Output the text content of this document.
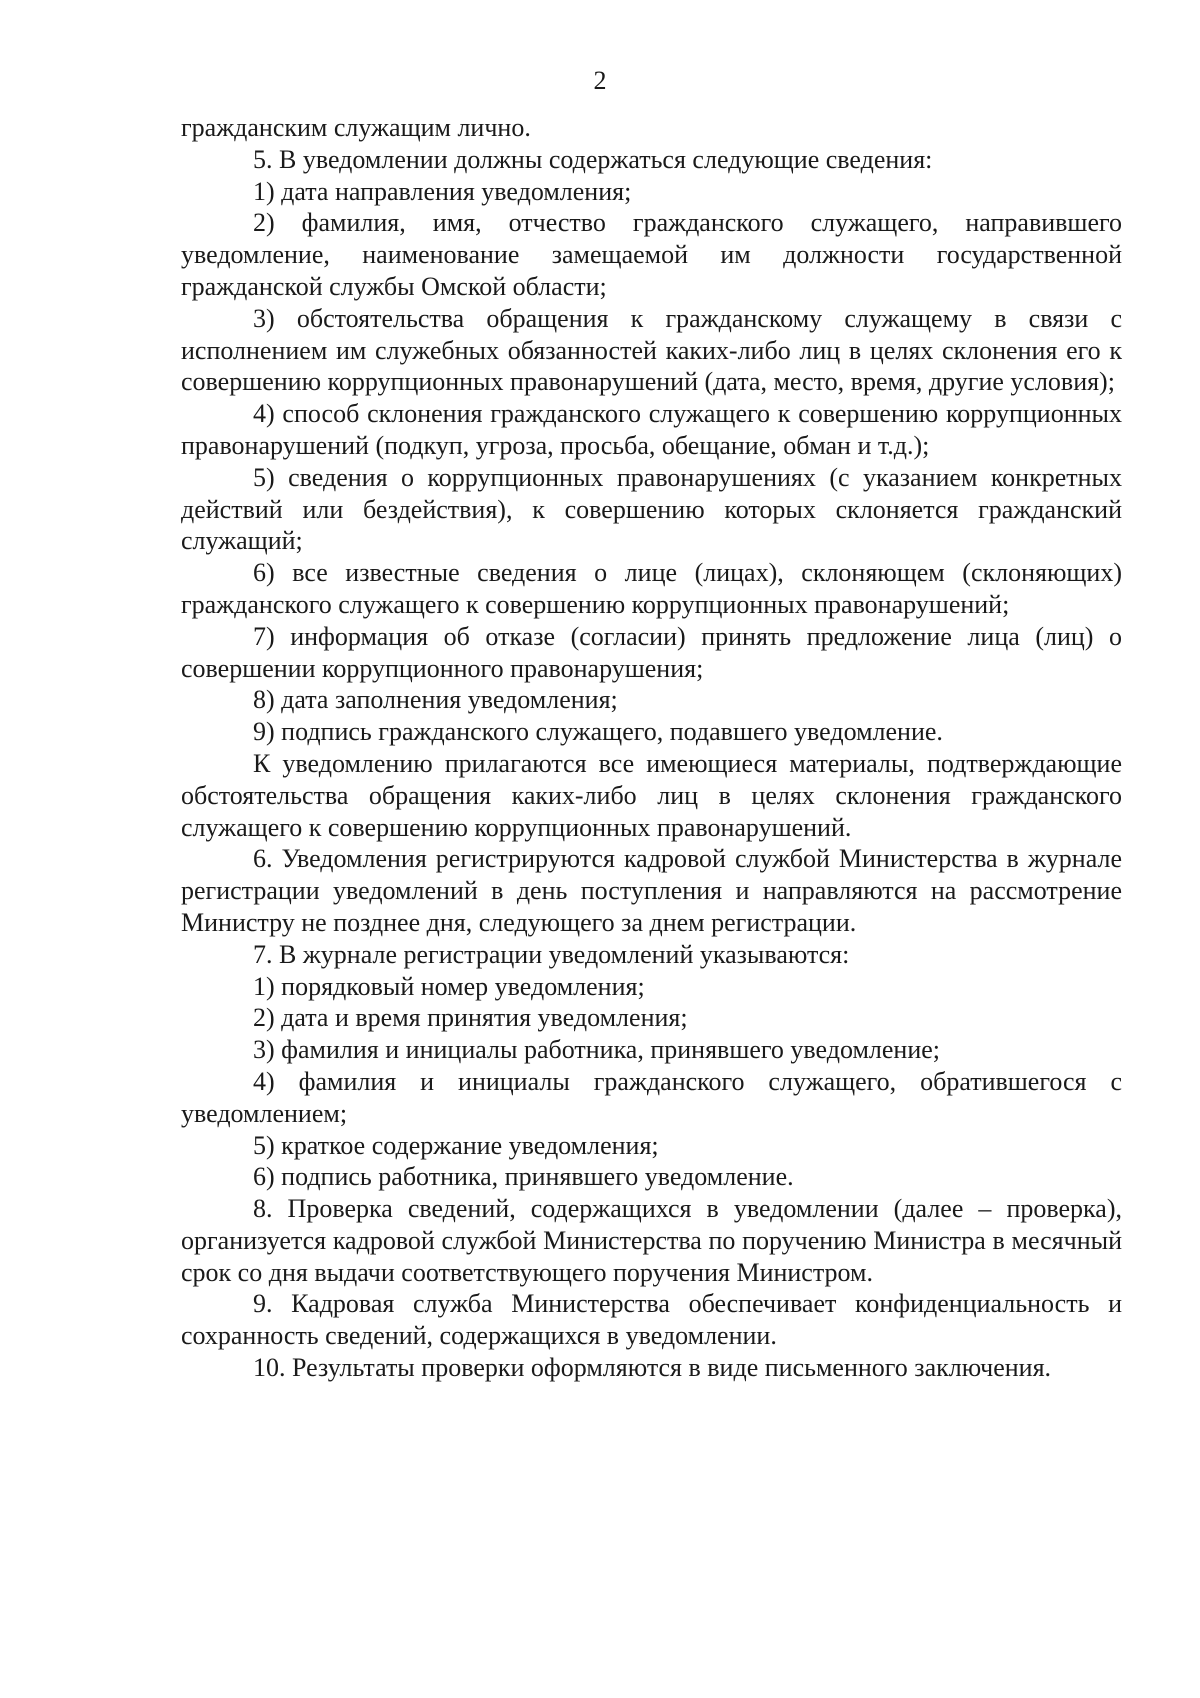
2

гражданским служащим лично.

5. В уведомлении должны содержаться следующие сведения:

1) дата направления уведомления;

2) фамилия, имя, отчество гражданского служащего, направившего уведомление, наименование замещаемой им должности государственной гражданской службы Омской области;

3) обстоятельства обращения к гражданскому служащему в связи с исполнением им служебных обязанностей каких-либо лиц в целях склонения его к совершению коррупционных правонарушений (дата, место, время, другие условия);

4) способ склонения гражданского служащего к совершению коррупционных правонарушений (подкуп, угроза, просьба, обещание, обман и т.д.);

5) сведения о коррупционных правонарушениях (с указанием конкретных действий или бездействия), к совершению которых склоняется гражданский служащий;

6) все известные сведения о лице (лицах), склоняющем (склоняющих) гражданского служащего к совершению коррупционных правонарушений;

7) информация об отказе (согласии) принять предложение лица (лиц) о совершении коррупционного правонарушения;

8) дата заполнения уведомления;

9) подпись гражданского служащего, подавшего уведомление.

К уведомлению прилагаются все имеющиеся материалы, подтверждающие обстоятельства обращения каких-либо лиц в целях склонения гражданского служащего к совершению коррупционных правонарушений.

6. Уведомления регистрируются кадровой службой Министерства в журнале регистрации уведомлений в день поступления и направляются на рассмотрение Министру не позднее дня, следующего за днем регистрации.

7. В журнале регистрации уведомлений указываются:

1) порядковый номер уведомления;

2) дата и время принятия уведомления;

3) фамилия и инициалы работника, принявшего уведомление;

4) фамилия и инициалы гражданского служащего, обратившегося с уведомлением;

5) краткое содержание уведомления;

6) подпись работника, принявшего уведомление.

8. Проверка сведений, содержащихся в уведомлении (далее – проверка), организуется кадровой службой Министерства по поручению Министра в месячный срок со дня выдачи соответствующего поручения Министром.

9. Кадровая служба Министерства обеспечивает конфиденциальность и сохранность сведений, содержащихся в уведомлении.

10. Результаты проверки оформляются в виде письменного заключения.
